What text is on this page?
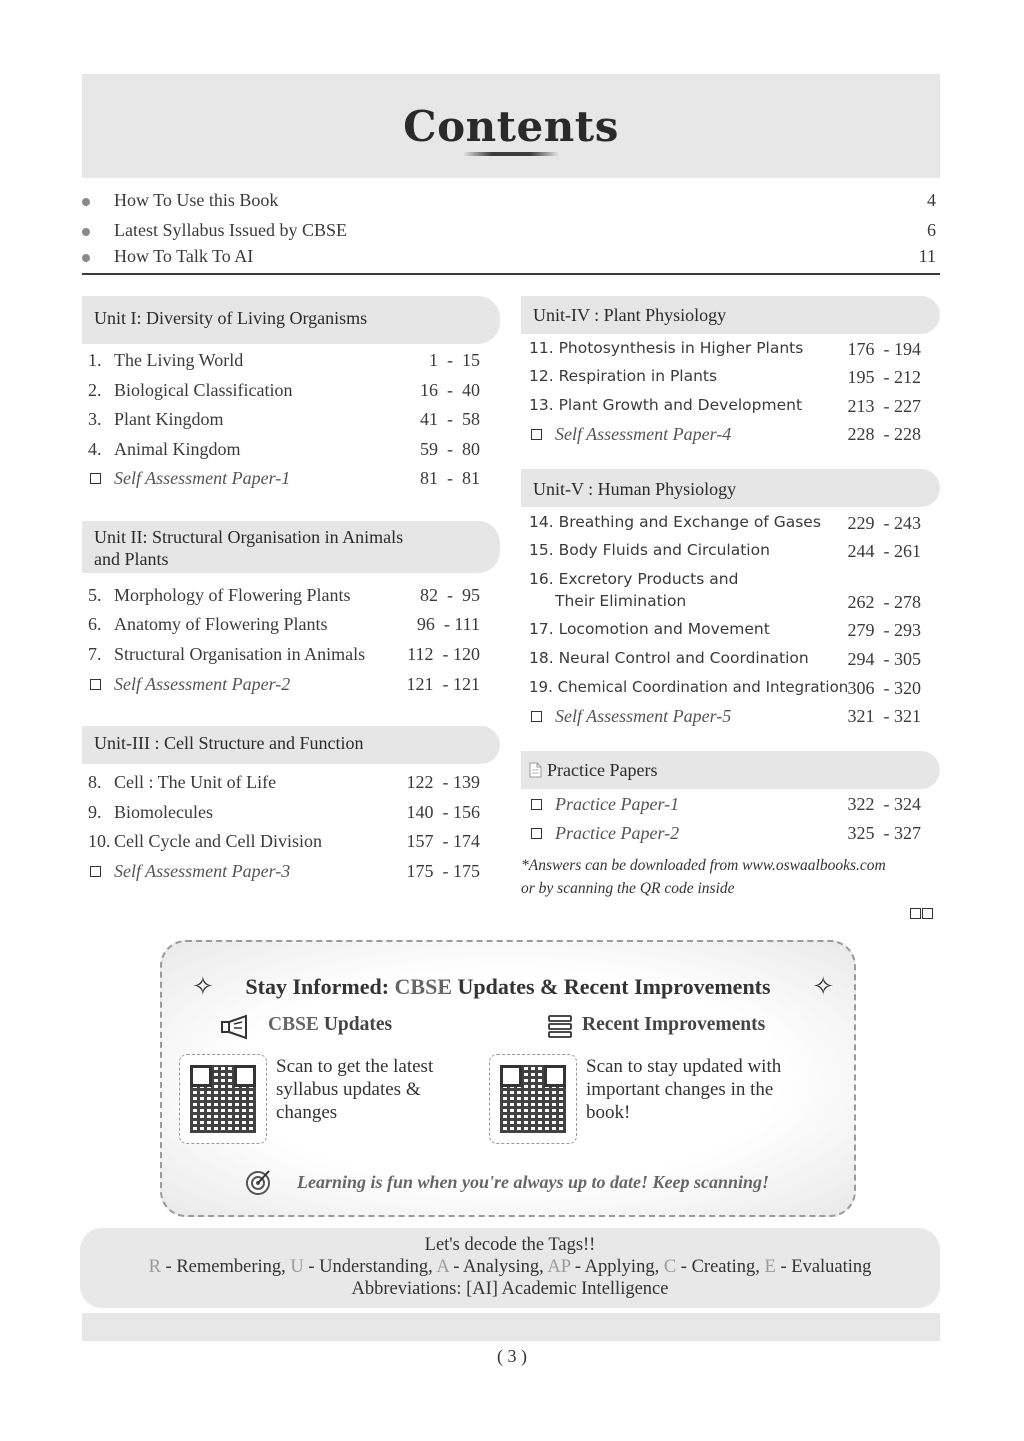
Contents
How To Use this Book	4
Latest Syllabus Issued by CBSE	6
How To Talk To AI	11
Unit I: Diversity of Living Organisms
1. The Living World	1  -  15
2. Biological Classification	16  -  40
3. Plant Kingdom	41  -  58
4. Animal Kingdom	59  -  80
Self Assessment Paper-1	81  -  81
Unit II: Structural Organisation in Animals
and Plants
5. Morphology of Flowering Plants	82  -  95
6. Anatomy of Flowering Plants	96  - 111
7. Structural Organisation in Animals 112  - 120
Self Assessment Paper-2	121  - 121
Unit-III : Cell Structure and Function
8. Cell : The Unit of Life	122  - 139
9. Biomolecules	140  - 156
10. Cell Cycle and Cell Division	157  - 174
Self Assessment Paper-3	175  - 175
Unit-IV : Plant Physiology
11. Photosynthesis in Higher Plants 176  - 194
12. Respiration in Plants	195  - 212
13. Plant Growth and Development	213  - 227
Self Assessment Paper-4	228  - 228
Unit-V : Human Physiology
14. Breathing and Exchange of Gases 229  - 243
15. Body Fluids and Circulation	244  - 261
16. Excretory Products and
Their Elimination	262  - 278
17. Locomotion and Movement	279  - 293
18. Neural Control and Coordination 294  - 305
19. Chemical Coordination and Integration 306  - 320
Self Assessment Paper-5	321  - 321
Practice Papers
Practice Paper-1	322  - 324
Practice Paper-2	325  - 327
*Answers can be downloaded from www.oswaalbooks.com
or by scanning the QR code inside
✧	✧
Stay Informed: CBSE Updates & Recent Improvements
CBSE Updates	Recent Improvements
Scan to get the latest
syllabus updates &
changes
Scan to stay updated with
important changes in the
book!
Learning is fun when you're always up to date! Keep scanning!
Let's decode the Tags!!
R - Remembering, U - Understanding, A - Analysing, AP - Applying, C - Creating, E - Evaluating
Abbreviations: [AI] Academic Intelligence
( 3 )
